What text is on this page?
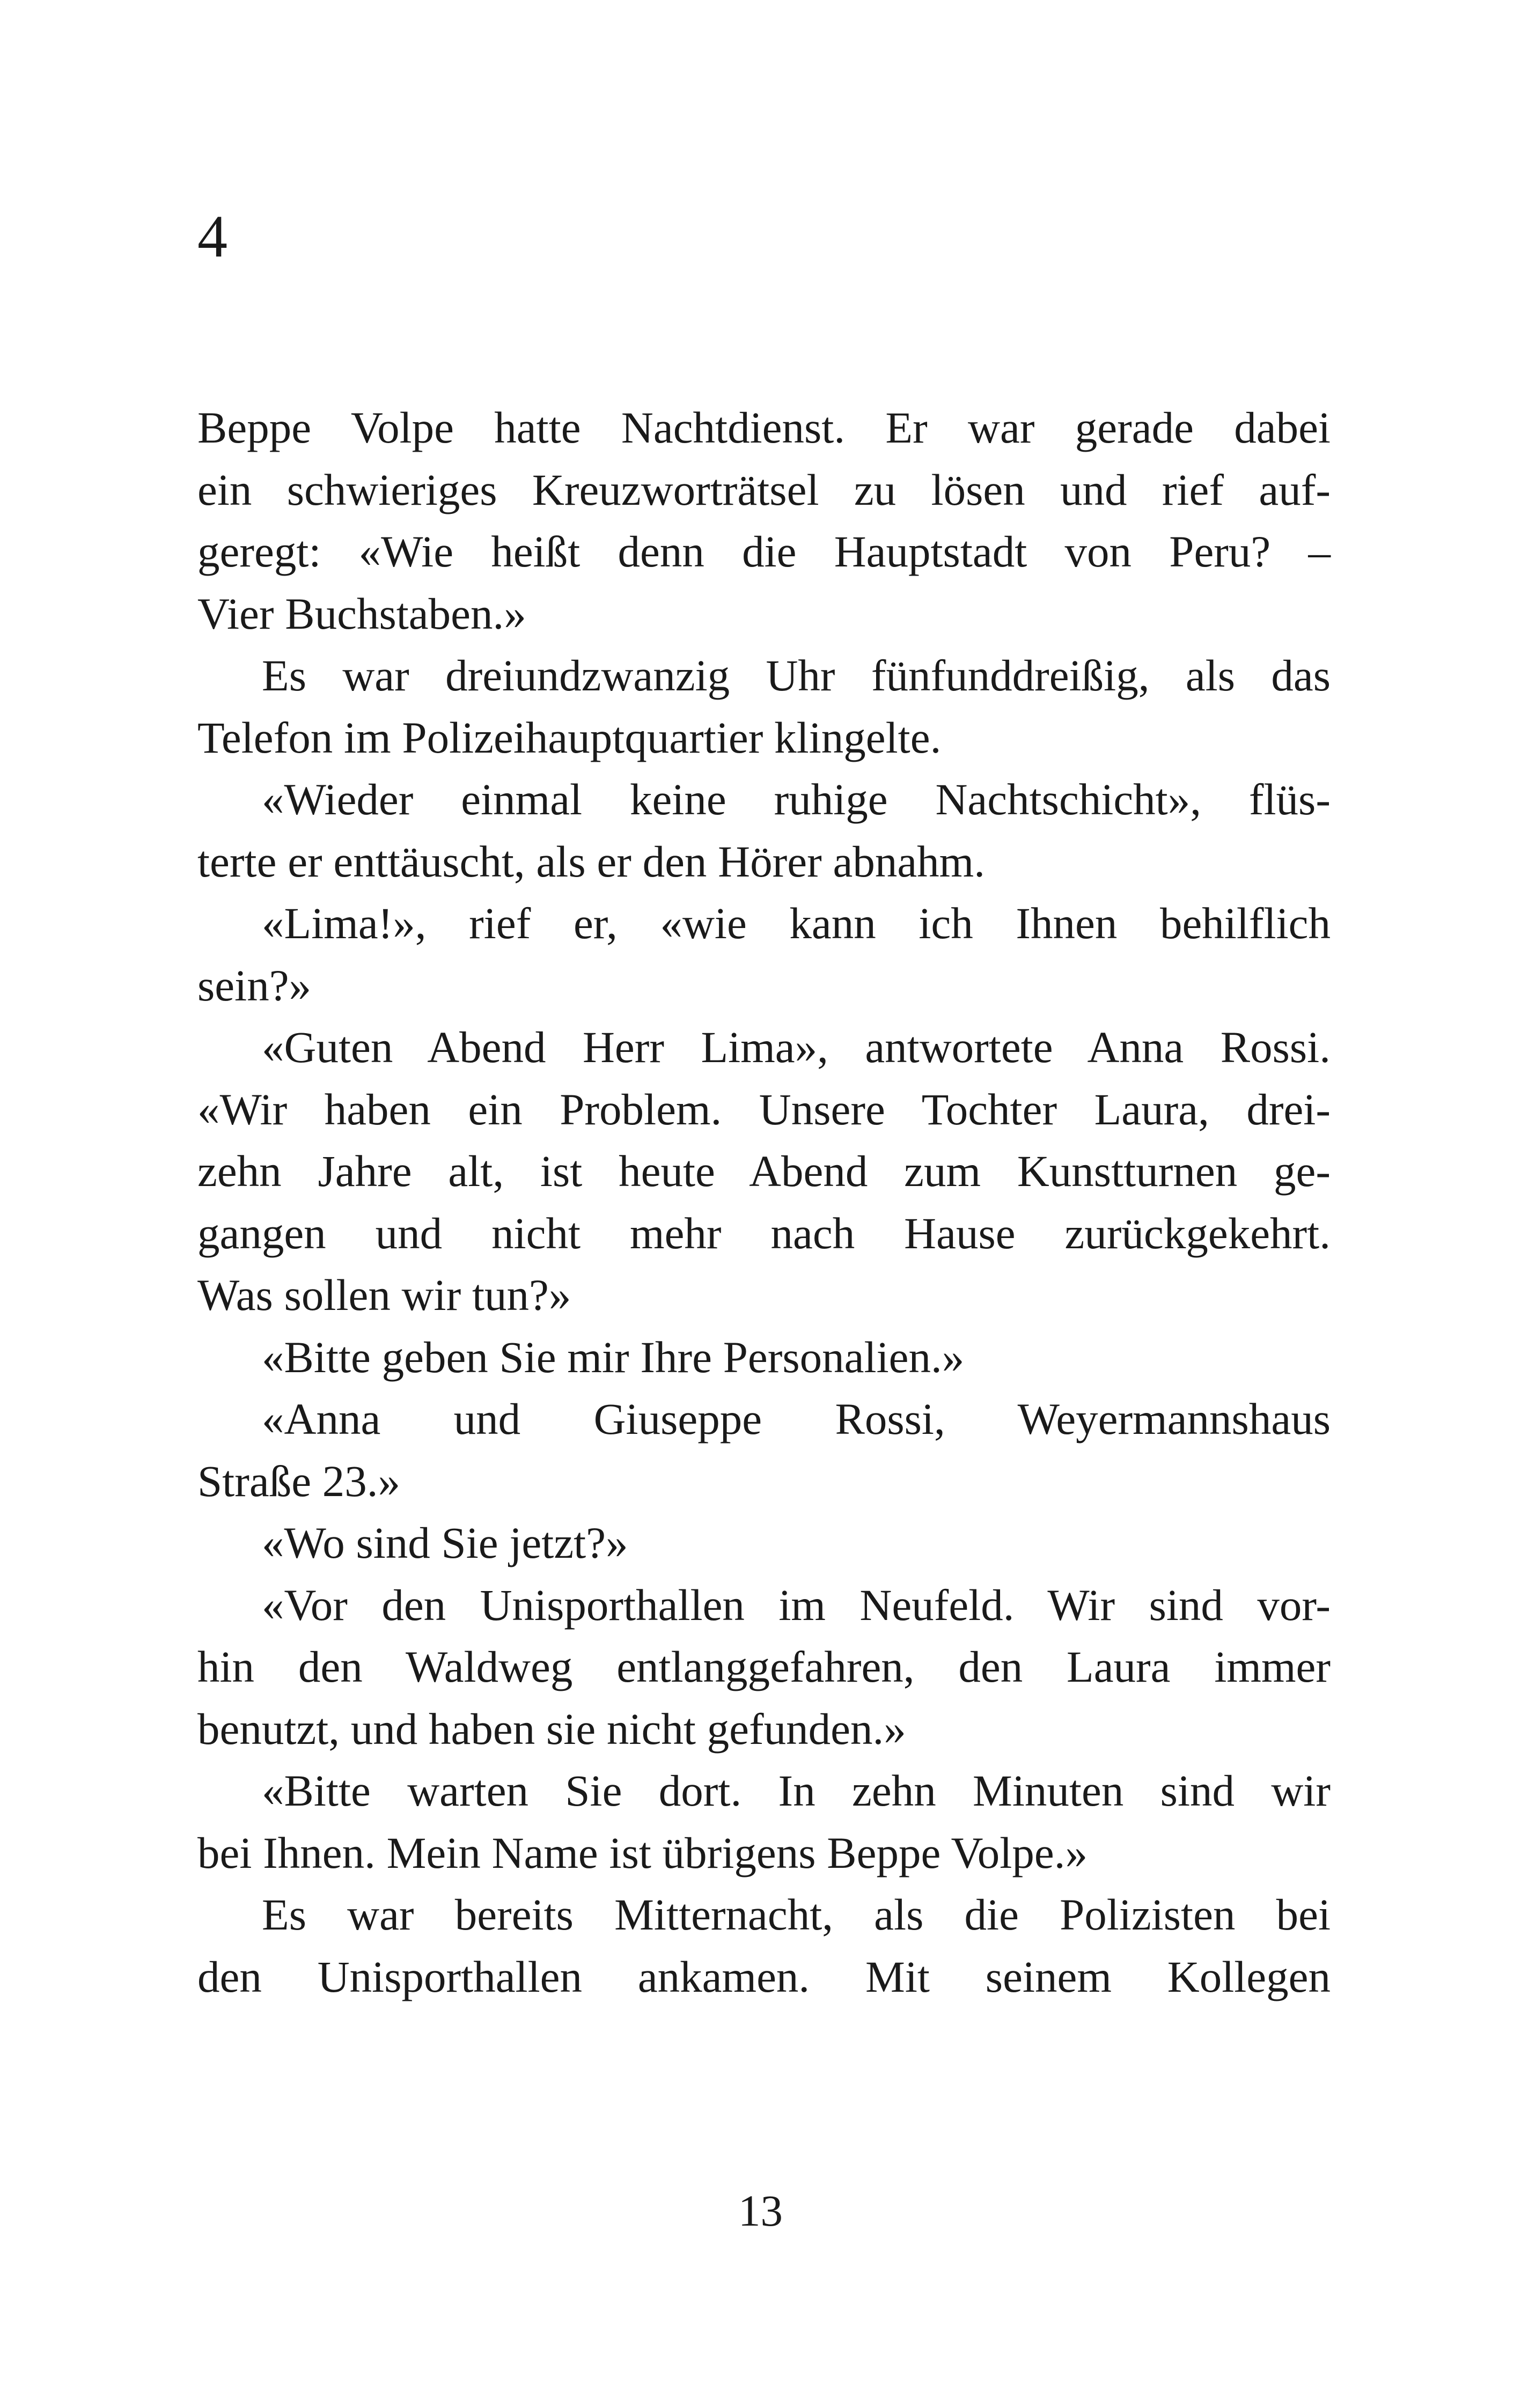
4
Beppe Volpe hatte Nachtdienst. Er war gerade dabei
ein schwieriges Kreuzworträtsel zu lösen und rief auf-
geregt: «Wie heißt denn die Hauptstadt von Peru? –
Vier Buchstaben.»
Es war dreiundzwanzig Uhr fünfunddreißig, als das
Telefon im Polizeihauptquartier klingelte.
«Wieder einmal keine ruhige Nachtschicht», flüs-
terte er enttäuscht, als er den Hörer abnahm.
«Lima!», rief er, «wie kann ich Ihnen behilflich
sein?»
«Guten Abend Herr Lima», antwortete Anna Rossi.
«Wir haben ein Problem. Unsere Tochter Laura, drei-
zehn Jahre alt, ist heute Abend zum Kunstturnen ge-
gangen und nicht mehr nach Hause zurückgekehrt.
Was sollen wir tun?»
«Bitte geben Sie mir Ihre Personalien.»
«Anna und Giuseppe Rossi, Weyermannshaus
Straße 23.»
«Wo sind Sie jetzt?»
«Vor den Unisporthallen im Neufeld. Wir sind vor-
hin den Waldweg entlanggefahren, den Laura immer
benutzt, und haben sie nicht gefunden.»
«Bitte warten Sie dort. In zehn Minuten sind wir
bei Ihnen. Mein Name ist übrigens Beppe Volpe.»
Es war bereits Mitternacht, als die Polizisten bei
den Unisporthallen ankamen. Mit seinem Kollegen
13
